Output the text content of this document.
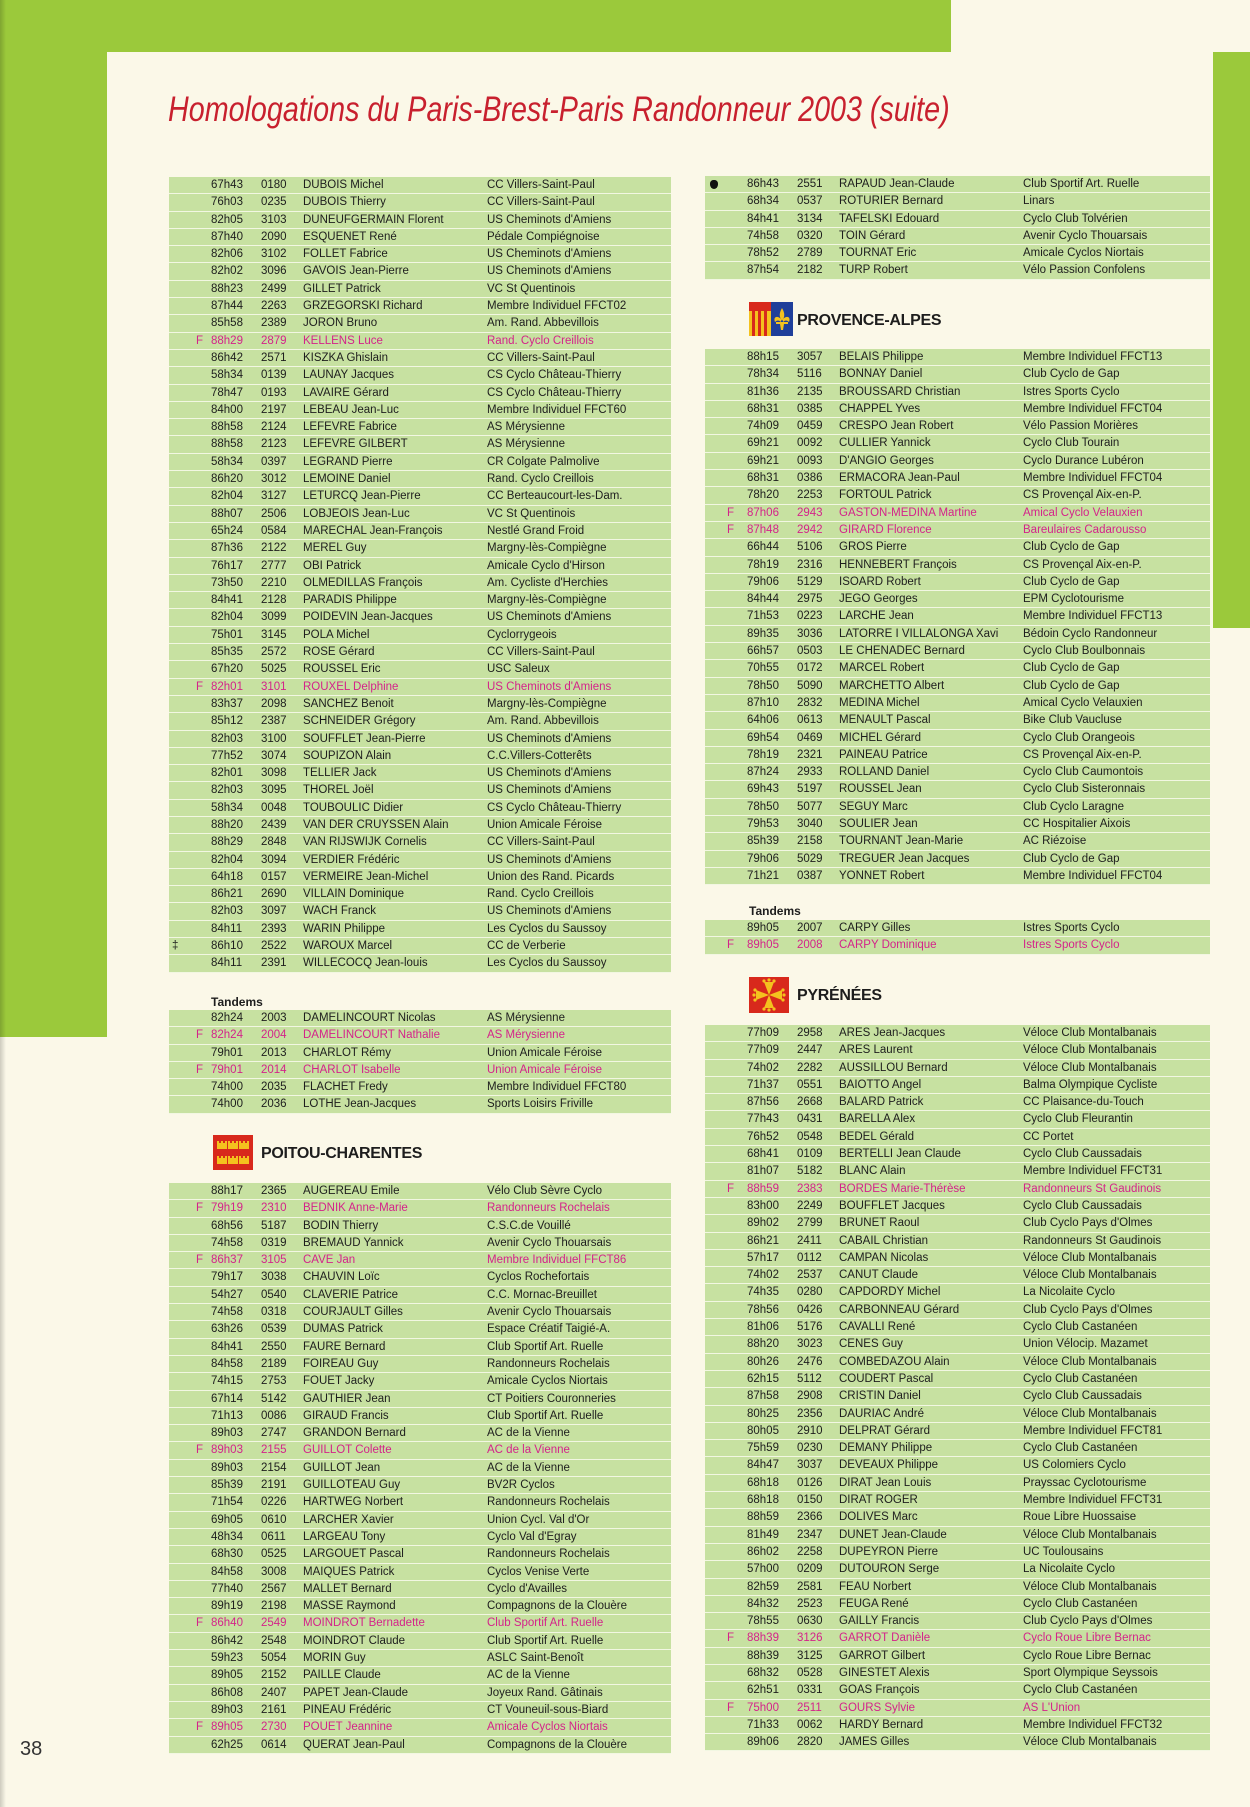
Homologations du Paris-Brest-Paris Randonneur 2003 (suite)
67h43 0180 DUBOIS Michel	CC Villers-Saint-Paul
76h03 0235 DUBOIS Thierry	CC Villers-Saint-Paul
82h05 3103 DUNEUFGERMAIN Florent	US Cheminots d'Amiens
87h40 2090 ESQUENET René	Pédale Compiégnoise
82h06 3102 FOLLET Fabrice	US Cheminots d'Amiens
82h02 3096 GAVOIS Jean-Pierre	US Cheminots d'Amiens
88h23 2499 GILLET Patrick	VC St Quentinois
87h44 2263 GRZEGORSKI Richard	Membre Individuel FFCT02
85h58 2389 JORON Bruno	Am. Rand. Abbevillois
F 88h29 2879 KELLENS Luce	Rand. Cyclo Creillois
86h42 2571 KISZKA Ghislain	CC Villers-Saint-Paul
58h34 0139 LAUNAY Jacques	CS Cyclo Château-Thierry
78h47 0193 LAVAIRE Gérard	CS Cyclo Château-Thierry
84h00 2197 LEBEAU Jean-Luc	Membre Individuel FFCT60
88h58 2124 LEFEVRE Fabrice	AS Mérysienne
88h58 2123 LEFEVRE GILBERT	AS Mérysienne
58h34 0397 LEGRAND Pierre	CR Colgate Palmolive
86h20 3012 LEMOINE Daniel	Rand. Cyclo Creillois
82h04 3127 LETURCQ Jean-Pierre	CC Berteaucourt-les-Dam.
88h07 2506 LOBJEOIS Jean-Luc	VC St Quentinois
65h24 0584 MARECHAL Jean-François	Nestlé Grand Froid
87h36 2122 MEREL Guy	Margny-lès-Compiègne
76h17 2777 OBI Patrick	Amicale Cyclo d'Hirson
73h50 2210 OLMEDILLAS François	Am. Cycliste d'Herchies
84h41 2128 PARADIS Philippe	Margny-lès-Compiègne
82h04 3099 POIDEVIN Jean-Jacques	US Cheminots d'Amiens
75h01 3145 POLA Michel	Cyclorrygeois
85h35 2572 ROSE Gérard	CC Villers-Saint-Paul
67h20 5025 ROUSSEL Eric	USC Saleux
F 82h01 3101 ROUXEL Delphine	US Cheminots d'Amiens
83h37 2098 SANCHEZ Benoit	Margny-lès-Compiègne
85h12 2387 SCHNEIDER Grégory	Am. Rand. Abbevillois
82h03 3100 SOUFFLET Jean-Pierre	US Cheminots d'Amiens
77h52 3074 SOUPIZON Alain	C.C.Villers-Cotterêts
82h01 3098 TELLIER Jack	US Cheminots d'Amiens
82h03 3095 THOREL Joël	US Cheminots d'Amiens
58h34 0048 TOUBOULIC Didier	CS Cyclo Château-Thierry
88h20 2439 VAN DER CRUYSSEN Alain	Union Amicale Féroise
88h29 2848 VAN RIJSWIJK Cornelis	CC Villers-Saint-Paul
82h04 3094 VERDIER Frédéric	US Cheminots d'Amiens
64h18 0157 VERMEIRE Jean-Michel	Union des Rand. Picards
86h21 2690 VILLAIN Dominique	Rand. Cyclo Creillois
82h03 3097 WACH Franck	US Cheminots d'Amiens
84h11 2393 WARIN Philippe	Les Cyclos du Saussoy
‡	86h10 2522 WAROUX Marcel	CC de Verberie
84h11 2391 WILLECOCQ Jean-louis	Les Cyclos du Saussoy
Tandems
82h24 2003 DAMELINCOURT Nicolas	AS Mérysienne
F 82h24 2004 DAMELINCOURT Nathalie	AS Mérysienne
79h01 2013 CHARLOT Rémy	Union Amicale Féroise
F 79h01 2014 CHARLOT Isabelle	Union Amicale Féroise
74h00 2035 FLACHET Fredy	Membre Individuel FFCT80
74h00 2036 LOTHE Jean-Jacques	Sports Loisirs Friville
POITOU-CHARENTES
88h17 2365 AUGEREAU Emile	Vélo Club Sèvre Cyclo
F 79h19 2310 BEDNIK Anne-Marie	Randonneurs Rochelais
68h56 5187 BODIN Thierry	C.S.C.de Vouillé
74h58 0319 BREMAUD Yannick	Avenir Cyclo Thouarsais
F 86h37 3105 CAVE Jan	Membre Individuel FFCT86
79h17 3038 CHAUVIN Loïc	Cyclos Rochefortais
54h27 0540 CLAVERIE Patrice	C.C. Mornac-Breuillet
74h58 0318 COURJAULT Gilles	Avenir Cyclo Thouarsais
63h26 0539 DUMAS Patrick	Espace Créatif Taigié-A.
84h41 2550 FAURE Bernard	Club Sportif Art. Ruelle
84h58 2189 FOIREAU Guy	Randonneurs Rochelais
74h15 2753 FOUET Jacky	Amicale Cyclos Niortais
67h14 5142 GAUTHIER Jean	CT Poitiers Couronneries
71h13 0086 GIRAUD Francis	Club Sportif Art. Ruelle
89h03 2747 GRANDON Bernard	AC de la Vienne
F 89h03 2155 GUILLOT Colette	AC de la Vienne
89h03 2154 GUILLOT Jean	AC de la Vienne
85h39 2191 GUILLOTEAU Guy	BV2R Cyclos
71h54 0226 HARTWEG Norbert	Randonneurs Rochelais
69h05 0610 LARCHER Xavier	Union Cycl. Val d'Or
48h34 0611 LARGEAU Tony	Cyclo Val d'Egray
68h30 0525 LARGOUET Pascal	Randonneurs Rochelais
84h58 3008 MAIQUES Patrick	Cyclos Venise Verte
77h40 2567 MALLET Bernard	Cyclo d'Availles
89h19 2198 MASSE Raymond	Compagnons de la Clouère
F 86h40 2549 MOINDROT Bernadette	Club Sportif Art. Ruelle
86h42 2548 MOINDROT Claude	Club Sportif Art. Ruelle
59h23 5054 MORIN Guy	ASLC Saint-Benoît
89h05 2152 PAILLE Claude	AC de la Vienne
86h08 2407 PAPET Jean-Claude	Joyeux Rand. Gâtinais
89h03 2161 PINEAU Frédéric	CT Vouneuil-sous-Biard
F 89h05 2730 POUET Jeannine	Amicale Cyclos Niortais
62h25 0614 QUERAT Jean-Paul	Compagnons de la Clouère
86h43 2551 RAPAUD Jean-Claude	Club Sportif Art. Ruelle
68h34 0537 ROTURIER Bernard	Linars
84h41 3134 TAFELSKI Edouard	Cyclo Club Tolvérien
74h58 0320 TOIN Gérard	Avenir Cyclo Thouarsais
78h52 2789 TOURNAT Eric	Amicale Cyclos Niortais
87h54 2182 TURP Robert	Vélo Passion Confolens
PROVENCE-ALPES
88h15 3057 BELAIS Philippe	Membre Individuel FFCT13
78h34 5116 BONNAY Daniel	Club Cyclo de Gap
81h36 2135 BROUSSARD Christian	Istres Sports Cyclo
68h31 0385 CHAPPEL Yves	Membre Individuel FFCT04
74h09 0459 CRESPO Jean Robert	Vélo Passion Morières
69h21 0092 CULLIER Yannick	Cyclo Club Tourain
69h21 0093 D'ANGIO Georges	Cyclo Durance Lubéron
68h31 0386 ERMACORA Jean-Paul	Membre Individuel FFCT04
78h20 2253 FORTOUL Patrick	CS Provençal Aix-en-P.
F 87h06 2943 GASTON-MEDINA Martine	Amical Cyclo Velauxien
F 87h48 2942 GIRARD Florence	Bareulaires Cadarousso
66h44 5106 GROS Pierre	Club Cyclo de Gap
78h19 2316 HENNEBERT François	CS Provençal Aix-en-P.
79h06 5129 ISOARD Robert	Club Cyclo de Gap
84h44 2975 JEGO Georges	EPM Cyclotourisme
71h53 0223 LARCHE Jean	Membre Individuel FFCT13
89h35 3036 LATORRE I VILLALONGA Xavi	Bédoin Cyclo Randonneur
66h57 0503 LE CHENADEC Bernard	Cyclo Club Boulbonnais
70h55 0172 MARCEL Robert	Club Cyclo de Gap
78h50 5090 MARCHETTO Albert	Club Cyclo de Gap
87h10 2832 MEDINA Michel	Amical Cyclo Velauxien
64h06 0613 MENAULT Pascal	Bike Club Vaucluse
69h54 0469 MICHEL Gérard	Cyclo Club Orangeois
78h19 2321 PAINEAU Patrice	CS Provençal Aix-en-P.
87h24 2933 ROLLAND Daniel	Cyclo Club Caumontois
69h43 5197 ROUSSEL Jean	Cyclo Club Sisteronnais
78h50 5077 SEGUY Marc	Club Cyclo Laragne
79h53 3040 SOULIER Jean	CC Hospitalier Aixois
85h39 2158 TOURNANT Jean-Marie	AC Riézoise
79h06 5029 TREGUER Jean Jacques	Club Cyclo de Gap
71h21 0387 YONNET Robert	Membre Individuel FFCT04
Tandems
89h05 2007 CARPY Gilles	Istres Sports Cyclo
F 89h05 2008 CARPY Dominique	Istres Sports Cyclo
PYRÉNÉES
77h09 2958 ARES Jean-Jacques	Véloce Club Montalbanais
77h09 2447 ARES Laurent	Véloce Club Montalbanais
74h02 2282 AUSSILLOU Bernard	Véloce Club Montalbanais
71h37 0551 BAIOTTO Angel	Balma Olympique Cycliste
87h56 2668 BALARD Patrick	CC Plaisance-du-Touch
77h43 0431 BARELLA Alex	Cyclo Club Fleurantin
76h52 0548 BEDEL Gérald	CC Portet
68h41 0109 BERTELLI Jean Claude	Cyclo Club Caussadais
81h07 5182 BLANC Alain	Membre Individuel FFCT31
F 88h59 2383 BORDES Marie-Thérèse	Randonneurs St Gaudinois
83h00 2249 BOUFFLET Jacques	Cyclo Club Caussadais
89h02 2799 BRUNET Raoul	Club Cyclo Pays d'Olmes
86h21 2411 CABAIL Christian	Randonneurs St Gaudinois
57h17 0112 CAMPAN Nicolas	Véloce Club Montalbanais
74h02 2537 CANUT Claude	Véloce Club Montalbanais
74h35 0280 CAPDORDY Michel	La Nicolaite Cyclo
78h56 0426 CARBONNEAU Gérard	Club Cyclo Pays d'Olmes
81h06 5176 CAVALLI René	Cyclo Club Castanéen
88h20 3023 CENES Guy	Union Vélocip. Mazamet
80h26 2476 COMBEDAZOU Alain	Véloce Club Montalbanais
62h15 5112 COUDERT Pascal	Cyclo Club Castanéen
87h58 2908 CRISTIN Daniel	Cyclo Club Caussadais
80h25 2356 DAURIAC André	Véloce Club Montalbanais
80h05 2910 DELPRAT Gérard	Membre Individuel FFCT81
75h59 0230 DEMANY Philippe	Cyclo Club Castanéen
84h47 3037 DEVEAUX Philippe	US Colomiers Cyclo
68h18 0126 DIRAT Jean Louis	Prayssac Cyclotourisme
68h18 0150 DIRAT ROGER	Membre Individuel FFCT31
88h59 2366 DOLIVES Marc	Roue Libre Huossaise
81h49 2347 DUNET Jean-Claude	Véloce Club Montalbanais
86h02 2258 DUPEYRON Pierre	UC Toulousains
57h00 0209 DUTOURON Serge	La Nicolaite Cyclo
82h59 2581 FEAU Norbert	Véloce Club Montalbanais
84h32 2523 FEUGA René	Cyclo Club Castanéen
78h55 0630 GAILLY Francis	Club Cyclo Pays d'Olmes
F 88h39 3126 GARROT Danièle	Cyclo Roue Libre Bernac
88h39 3125 GARROT Gilbert	Cyclo Roue Libre Bernac
68h32 0528 GINESTET Alexis	Sport Olympique Seyssois
62h51 0331 GOAS François	Cyclo Club Castanéen
F 75h00 2511 GOURS Sylvie	AS L'Union
71h33 0062 HARDY Bernard	Membre Individuel FFCT32
89h06 2820 JAMES Gilles	Véloce Club Montalbanais
38
